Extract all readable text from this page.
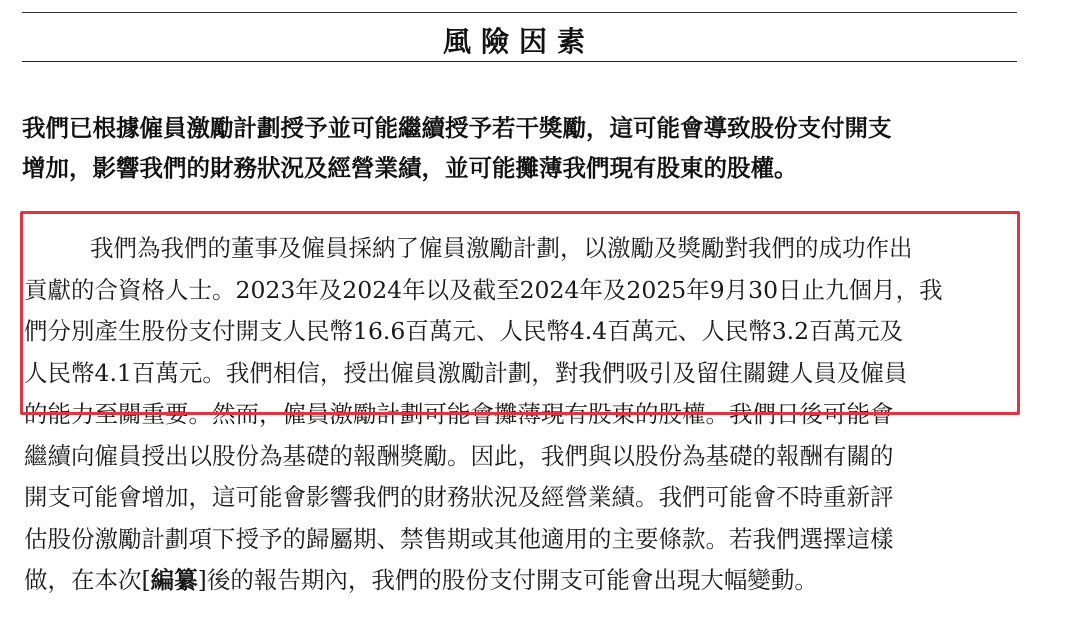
風險因素
我們已根據僱員激勵計劃授予並可能繼續授予若干獎勵，這可能會導致股份支付開支
增加，影響我們的財務狀況及經營業績，並可能攤薄我們現有股東的股權。
我們為我們的董事及僱員採納了僱員激勵計劃，以激勵及獎勵對我們的成功作出
貢獻的合資格人士。2023年及2024年以及截至2024年及2025年9月30日止九個月，我
們分別產生股份支付開支人民幣16.6百萬元、人民幣4.4百萬元、人民幣3.2百萬元及
人民幣4.1百萬元。我們相信，授出僱員激勵計劃，對我們吸引及留住關鍵人員及僱員
的能力至關重要。然而，僱員激勵計劃可能會攤薄現有股東的股權。我們日後可能會
繼續向僱員授出以股份為基礎的報酬獎勵。因此，我們與以股份為基礎的報酬有關的
開支可能會增加，這可能會影響我們的財務狀況及經營業績。我們可能會不時重新評
估股份激勵計劃項下授予的歸屬期、禁售期或其他適用的主要條款。若我們選擇這樣
做，在本次[編纂]後的報告期內，我們的股份支付開支可能會出現大幅變動。
